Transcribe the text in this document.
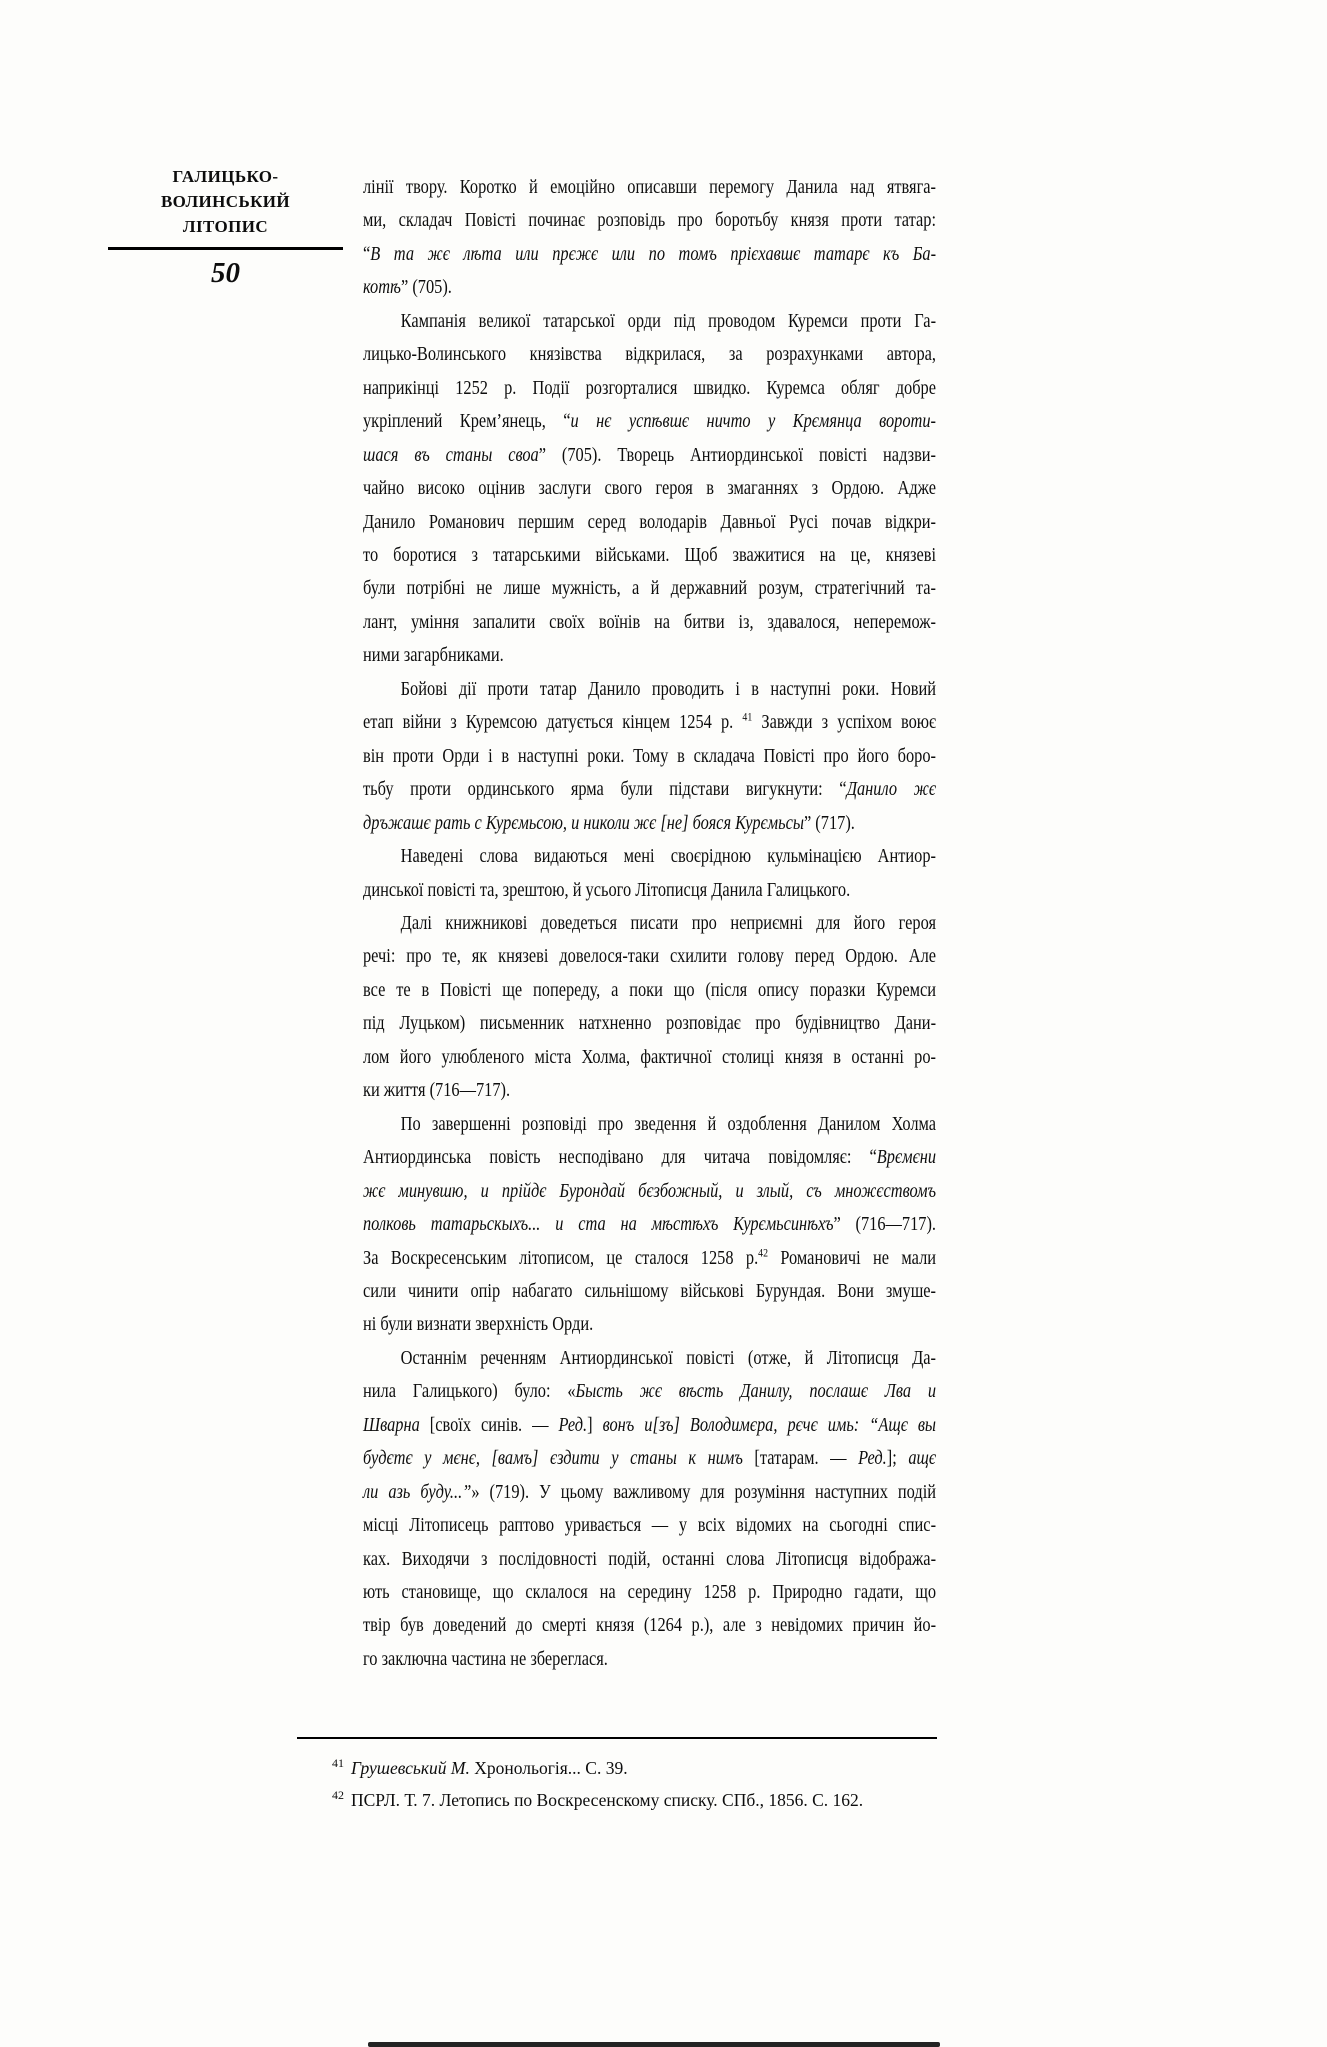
ГАЛИЦЬКО-
ВОЛИНСЬКИЙ
ЛІТОПИС
50
лінії твору. Коротко й емоційно описавши перемогу Данила над ятвяга-
ми, складач Повісті починає розповідь про боротьбу князя проти татар:
“В та жє лѣта или прєжє или по томъ прієхавшє татарє къ Ба-
котѣ” (705).
Кампанія великої татарської орди під проводом Куремси проти Га-
лицько-Волинського князівства відкрилася, за розрахунками автора,
наприкінці 1252 р. Події розгорталися швидко. Куремса обляг добре
укріплений Крем’янець, “и нє успѣвшє ничто у Крємянца вороти-
шася въ станы своа” (705). Творець Антиординської повісті надзви-
чайно високо оцінив заслуги свого героя в змаганнях з Ордою. Адже
Данило Романович першим серед володарів Давньої Русі почав відкри-
то боротися з татарськими військами. Щоб зважитися на це, князеві
були потрібні не лише мужність, а й державний розум, стратегічний та-
лант, уміння запалити своїх воїнів на битви із, здавалося, неперемож-
ними загарбниками.
Бойові дії проти татар Данило проводить і в наступні роки. Новий
етап війни з Куремсою датується кінцем 1254 р. $^{41}$ Завжди з успіхом воює
він проти Орди і в наступні роки. Тому в складача Повісті про його боро-
тьбу проти ординського ярма були підстави вигукнути: “Данило жє
дръжашє рать с Курємьсою, и николи жє [не] бояся Курємьсы” (717).
Наведені слова видаються мені своєрідною кульмінацією Антиор-
динської повісті та, зрештою, й усього Літописця Данила Галицького.
Далі книжникові доведеться писати про неприємні для його героя
речі: про те, як князеві довелося-таки схилити голову перед Ордою. Але
все те в Повісті ще попереду, а поки що (після опису поразки Куремси
під Луцьком) письменник натхненно розповідає про будівництво Дани-
лом його улюбленого міста Холма, фактичної столиці князя в останні ро-
ки життя (716—717).
По завершенні розповіді про зведення й оздоблення Данилом Холма
Антиординська повість несподівано для читача повідомляє: “Врємєни
жє минувшю, и прійдє Бурондай бєзбожный, и злый, съ множєствомъ
полковь татарьскыхъ... и ста на мѣстѣхъ Курємьсинѣхъ” (716—717).
За Воскресенським літописом, це сталося 1258 р.$^{42}$ Романовичі не мали
сили чинити опір набагато сильнішому військові Бурундая. Вони змуше-
ні були визнати зверхність Орди.
Останнім реченням Антиординської повісті (отже, й Літописця Да-
нила Галицького) було: «Бысть жє вѣсть Данилу, послашє Лва и
Шварна [своїх синів. — Ред.] вонъ и[зъ] Володимєра, рєчє имь: “Ащє вы
будєтє у мєнє, [вамъ] єздити у станы к нимъ [татарам. — Ред.]; ащє
ли азь буду...”» (719). У цьому важливому для розуміння наступних подій
місці Літописець раптово уривається — у всіх відомих на сьогодні спис-
ках. Виходячи з послідовності подій, останні слова Літописця відобража-
ють становище, що склалося на середину 1258 р. Природно гадати, що
твір був доведений до смерті князя (1264 р.), але з невідомих причин йо-
го заключна частина не збереглася.
$^{41}$ Грушевський М. Хронольогія... С. 39.
$^{42}$ ПСРЛ. Т. 7. Летопись по Воскресенскому списку. СПб., 1856. С. 162.
